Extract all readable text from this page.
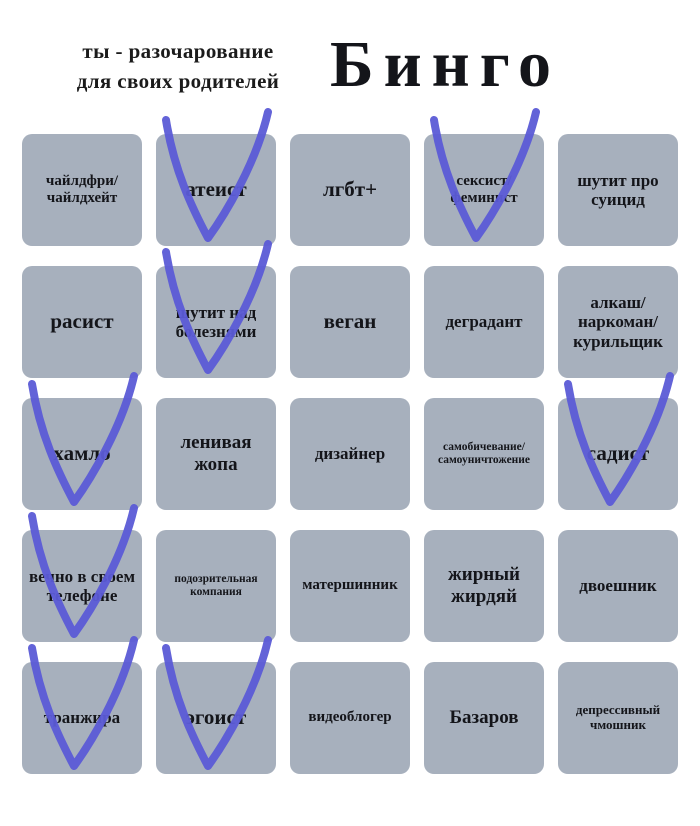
ты - разочарование
для своих родителей Бинго
чайлдфри/ чайлдхейт	атеист	лгбт+	сексист/ феминист
шутит про суицид
расист	шутит над болезнями	веган	деградант
алкаш/ наркоман/ курильщик
хамло	ленивая жопа
дизайнер	самобичевание/ самоуничтожение	садист
вечно в своем телефоне
подозрительная компания	матершинник
жирный жирдяй
двоешник
транжира	эгоист	видеоблогер	Базаров	депрессивный чмошник
